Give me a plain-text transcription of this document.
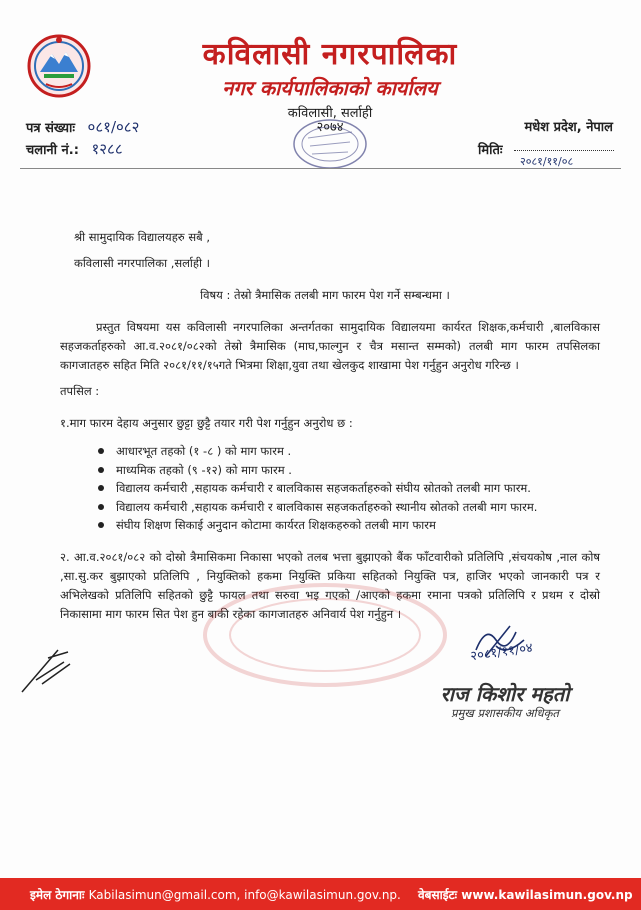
कविलासी नगरपालिका
नगर कार्यपालिकाको कार्यालय
कविलासी, सर्लाही
२०७४
पत्र संख्याः ०८१/०८२
चलानी नं.: १२८८
मधेश प्रदेश, नेपाल
मितिः
२०८१/११/०८
श्री सामुदायिक विद्यालयहरु सबै ,
कविलासी नगरपालिका ,सर्लाही ।
विषय : तेस्रो त्रैमासिक तलबी माग फारम पेश गर्ने सम्बन्धमा ।
प्रस्तुत विषयमा यस कविलासी नगरपालिका अन्तर्गतका सामुदायिक विद्यालयमा कार्यरत शिक्षक,कर्मचारी ,बालविकास सहजकर्ताहरुको आ.व.२०८१/०८२को तेस्रो त्रैमासिक (माघ,फाल्गुन र चैत्र मसान्त सम्मको) तलबी माग फारम तपसिलका कागजातहरु सहित मिति २०८१/११/१५गते भित्रमा शिक्षा,युवा तथा खेलकुद शाखामा पेश गर्नुहुन अनुरोध गरिन्छ ।
तपसिल :
१.माग फारम देहाय अनुसार छुट्टा छुट्टै तयार गरी पेश गर्नुहुन अनुरोध छ :
आधारभूत तहको (१ -८ ) को माग फारम .
माध्यमिक तहको (९ -१२) को माग फारम .
विद्यालय कर्मचारी ,सहायक कर्मचारी र बालविकास सहजकर्ताहरुको संघीय स्रोतको तलबी माग फारम.
विद्यालय कर्मचारी ,सहायक कर्मचारी र बालविकास सहजकर्ताहरुको स्थानीय स्रोतको तलबी माग फारम.
संघीय शिक्षण सिकाई अनुदान कोटामा कार्यरत शिक्षकहरुको तलबी माग फारम
२. आ.व.२०८१/०८२ को दोस्रो त्रैमासिकमा निकासा भएको तलब भत्ता बुझाएको बैंक फाँटवारीको प्रतिलिपि ,संचयकोष ,नाल कोष ,सा.सु.कर बुझाएको प्रतिलिपि , नियुक्तिको हकमा नियुक्ति प्रकिया सहितको नियुक्ति पत्र, हाजिर भएको जानकारी पत्र र अभिलेखको प्रतिलिपि सहितको छुट्टै फायल तथा सरुवा भइ गएको /आएको हकमा रमाना पत्रको प्रतिलिपि र प्रथम र दोस्रो निकासामा माग फारम सित पेश हुन बाकी रहेका कागजातहरु अनिवार्य पेश गर्नुहुन ।
२०८१/११/०४
राज किशोर महतो
प्रमुख प्रशासकीय अधिकृत
इमेल ठेगानाः Kabilasimun@gmail.com, info@kawilasimun.gov.np. वेबसाईटः www.kawilasimun.gov.np
